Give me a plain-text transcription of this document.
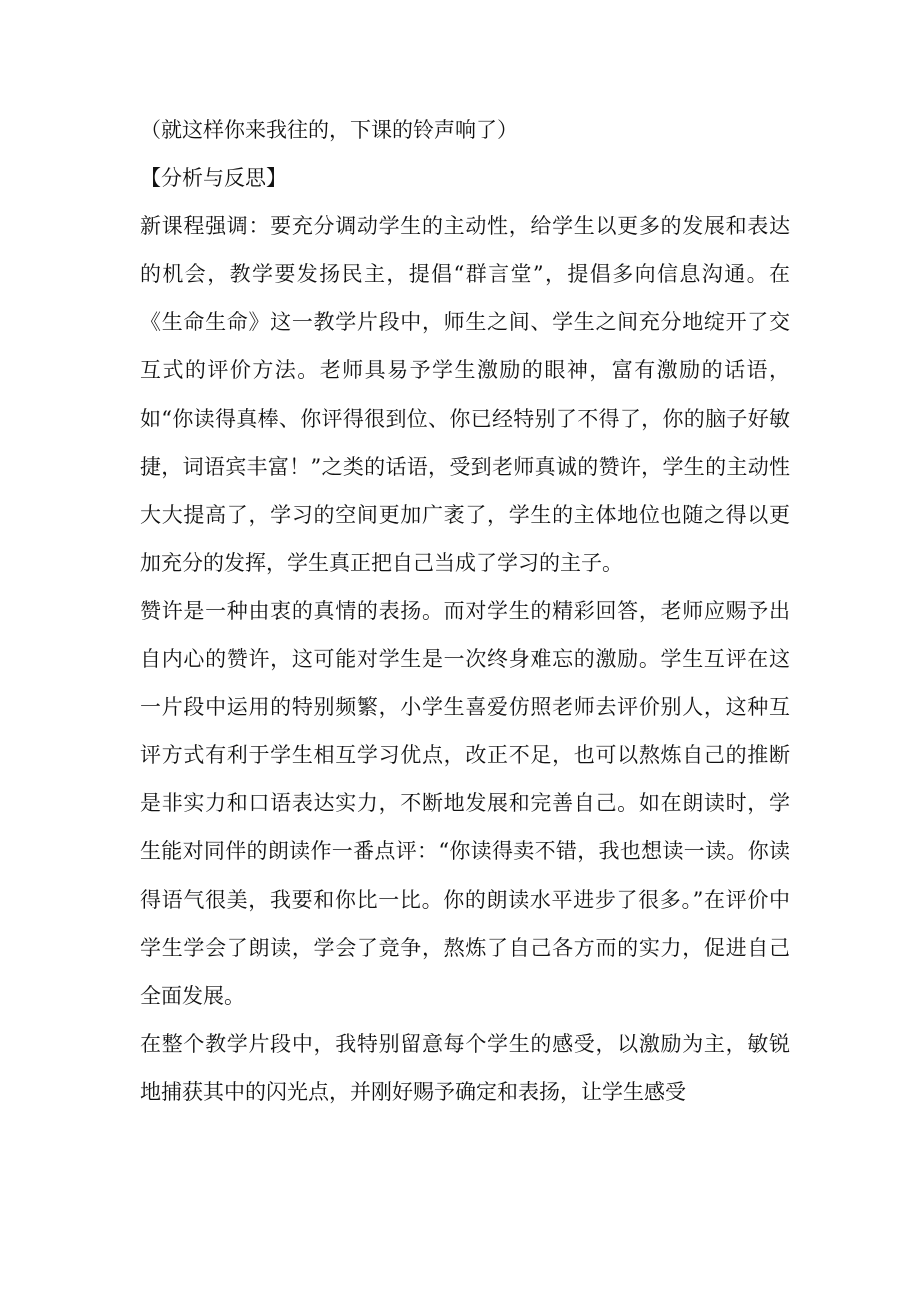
（就这样你来我往的，下课的铃声响了）

【分析与反思】

新课程强调：要充分调动学生的主动性，给学生以更多的发展和表达的机会，教学要发扬民主，提倡“群言堂”，提倡多向信息沟通。在《生命生命》这一教学片段中，师生之间、学生之间充分地绽开了交互式的评价方法。老师具易予学生激励的眼神，富有激励的话语，如“你读得真棒、你评得很到位、你已经特别了不得了，你的脑子好敏捷，词语宾丰富！”之类的话语，受到老师真诚的赞许，学生的主动性大大提高了，学习的空间更加广袤了，学生的主体地位也随之得以更加充分的发挥，学生真正把自己当成了学习的主子。

赞许是一种由衷的真情的表扬。而对学生的精彩回答，老师应赐予出自内心的赞许，这可能对学生是一次终身难忘的激励。学生互评在这一片段中运用的特别频繁，小学生喜爱仿照老师去评价别人，这种互评方式有利于学生相互学习优点，改正不足，也可以熬炼自己的推断是非实力和口语表达实力，不断地发展和完善自己。如在朗读时，学生能对同伴的朗读作一番点评：“你读得卖不错，我也想读一读。你读得语气很美，我要和你比一比。你的朗读水平进步了很多。”在评价中学生学会了朗读，学会了竞争，熬炼了自己各方而的实力，促进自己全面发展。

在整个教学片段中，我特别留意每个学生的感受，以激励为主，敏锐地捕获其中的闪光点，并刚好赐予确定和表扬，让学生感受
